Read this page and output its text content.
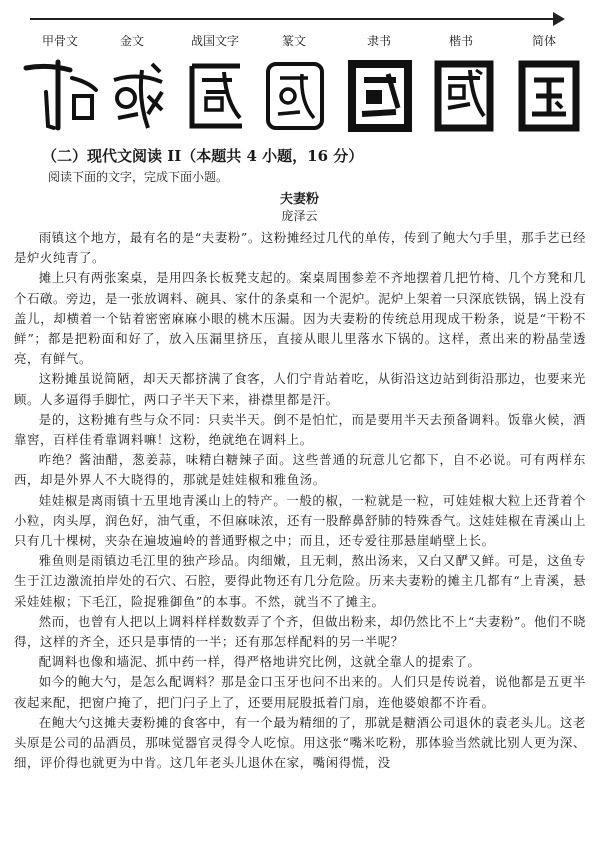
甲骨文	金文	战国文字	篆文	隶书	楷书	简体
（二）现代文阅读 II（本题共 4 小题，16 分）
阅读下面的文字，完成下面小题。
夫妻粉
庞泽云

雨镇这个地方，最有名的是“夫妻粉”。这粉摊经过几代的单传，传到了鲍大勺手里，那手艺已经是炉火纯青了。

摊上只有两张案桌，是用四条长板凳支起的。案桌周围参差不齐地摆着几把竹椅、几个方凳和几个石礅。旁边，是一张放调料、碗具、家什的条桌和一个泥炉。泥炉上架着一只深底铁锅，锅上没有盖儿，却横着一个钻着密密麻麻小眼的桃木压漏。因为夫妻粉的传统总用现成干粉条，说是“干粉不鲜”；都是把粉面和好了，放入压漏里挤压，直接从眼儿里落水下锅的。这样，煮出来的粉晶莹透亮，有鲜气。

这粉摊虽说简陋，却天天都挤满了食客，人们宁肯站着吃，从街沿这边站到街沿那边，也要来光顾。人多逼得手脚忙，两口子半天下来，褂襟里都是汗。

是的，这粉摊有些与众不同：只卖半天。倒不是怕忙，而是要用半天去预备调料。饭靠火候，酒靠窖，百样佳肴靠调料嘛！这粉，绝就绝在调料上。

咋绝？酱油醋，葱姜蒜，味精白糖辣子面。这些普通的玩意儿它都下，自不必说。可有两样东西，却是外界人不大晓得的，那就是娃娃椒和雅鱼汤。

娃娃椒是离雨镇十五里地青溪山上的特产。一般的椒，一粒就是一粒，可娃娃椒大粒上还背着个小粒，肉头厚，润色好，油气重，不但麻味浓，还有一股醉鼻舒肺的特殊香气。这娃娃椒在青溪山上只有几十棵树，夹杂在遍坡遍岭的普通野椒之中；而且，还专爱往那悬崖峭壁上长。

雅鱼则是雨镇边毛江里的独产珍品。肉细嫩，且无刺，熬出汤来，又白又酽又鲜。可是，这鱼专生于江边激流拍岸处的石穴、石腔，要得此物还有几分危险。历来夫妻粉的摊主几都有“上青溪，悬采娃娃椒；下毛江，险捉雅御鱼”的本事。不然，就当不了摊主。

然而，也曾有人把以上调料样样数数弄了个齐，但做出粉来，却仍然比不上“夫妻粉”。他们不晓得，这样的齐全，还只是事情的一半；还有那怎样配料的另一半呢？

配调料也像和墙泥、抓中药一样，得严格地讲究比例，这就全靠人的提索了。

如今的鲍大勺，是怎么配调料？那是金口玉牙也问不出来的。人们只是传说着，说他都是五更半夜起来配，把窗户掩了，把门闩子上了，还要用屁股抵着门扇，连他婆娘都不许看。

在鲍大勺这摊夫妻粉摊的食客中，有一个最为精细的了，那就是糖酒公司退休的袁老头儿。这老头原是公司的品酒员，那味觉器官灵得令人吃惊。用这张“嘴米吃粉，那体验当然就比别人更为深、细，评价得也就更为中肯。这几年老头儿退休在家，嘴闲得慌，没
